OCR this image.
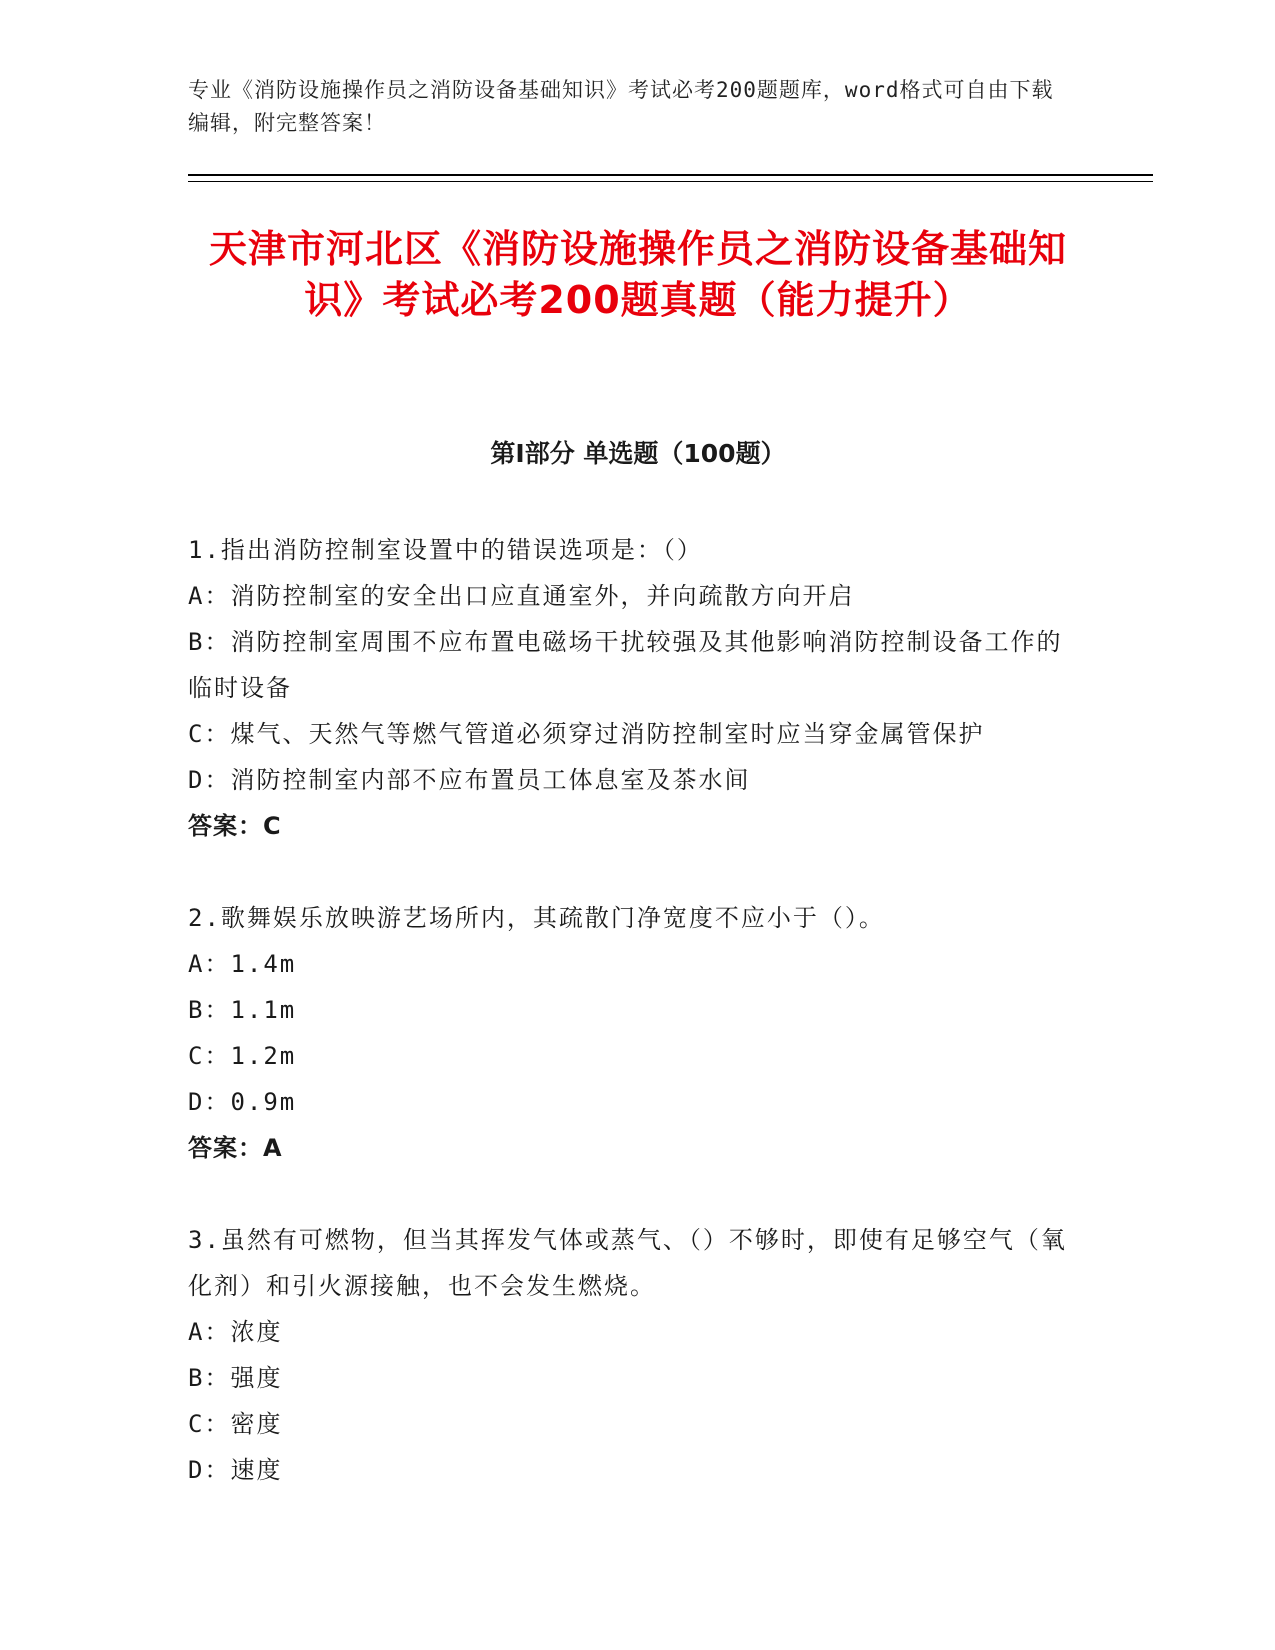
专业《消防设施操作员之消防设备基础知识》考试必考200题题库，word格式可自由下载编辑，附完整答案！
天津市河北区《消防设施操作员之消防设备基础知识》考试必考200题真题（能力提升）
第I部分 单选题（100题）

1.指出消防控制室设置中的错误选项是：（）

A：消防控制室的安全出口应直通室外，并向疏散方向开启

B：消防控制室周围不应布置电磁场干扰较强及其他影响消防控制设备工作的临时设备

C：煤气、天然气等燃气管道必须穿过消防控制室时应当穿金属管保护

D：消防控制室内部不应布置员工体息室及茶水间

答案：C

2.歌舞娱乐放映游艺场所内，其疏散门净宽度不应小于（）。

A：1.4m

B：1.1m

C：1.2m

D：0.9m

答案：A

3.虽然有可燃物，但当其挥发气体或蒸气、（）不够时，即使有足够空气（氧化剂）和引火源接触，也不会发生燃烧。

A：浓度

B：强度

C：密度

D：速度
